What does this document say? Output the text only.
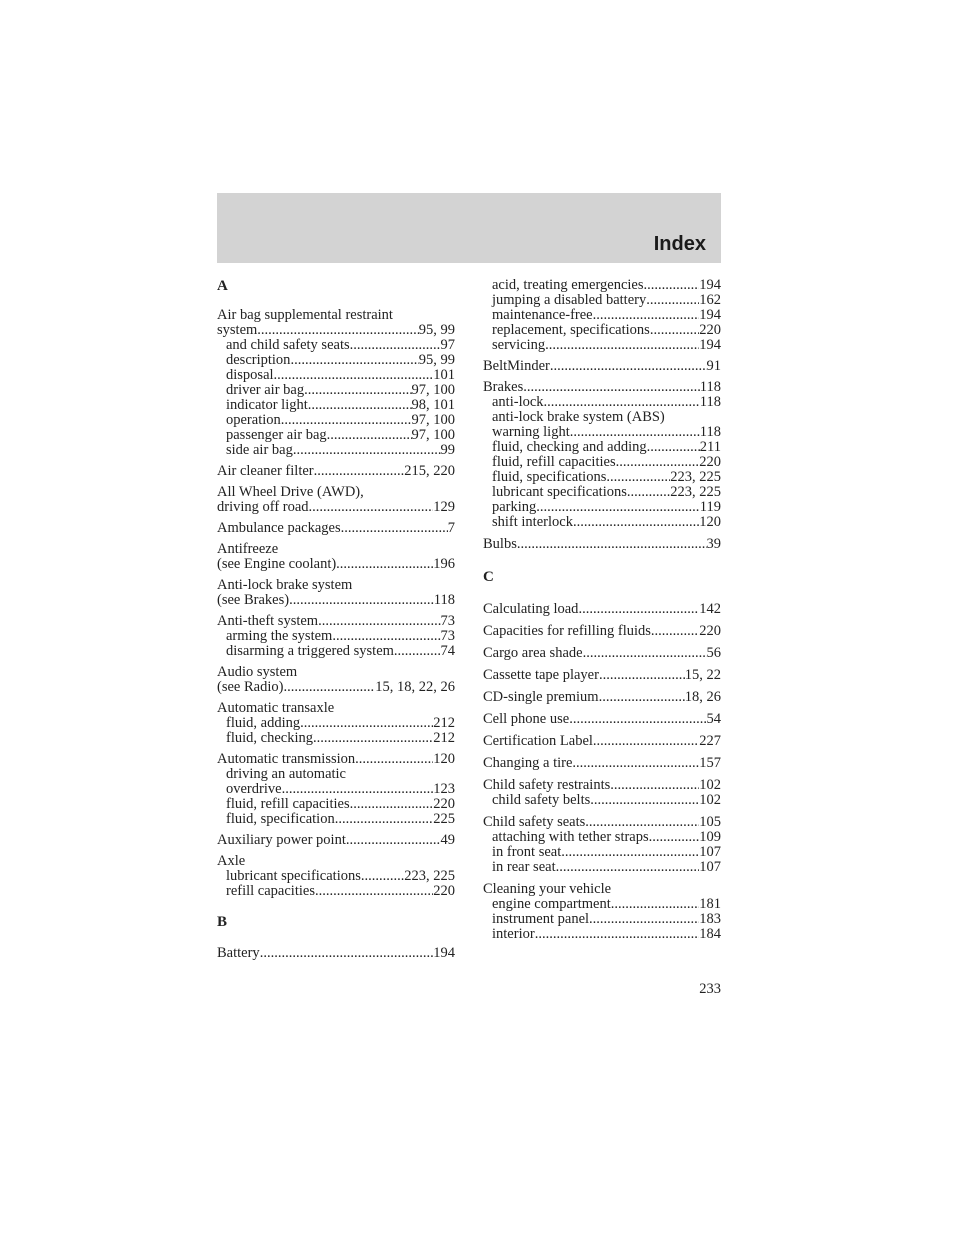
Index
A
Air bag supplemental restraint
system .....	95, 99
and child safety seats .....	97
description .....	95, 99
disposal .....	101
driver air bag .....	97, 100
indicator light .....	98, 101
operation .....	97, 100
passenger air bag .....	97, 100
side air bag .....	99
Air cleaner filter .....	215, 220
All Wheel Drive (AWD),
driving off road .....	129
Ambulance packages .....	7
Antifreeze
(see Engine coolant) .....	196
Anti-lock brake system
(see Brakes) .....	118
Anti-theft system .....	73
arming the system .....	73
disarming a triggered system .....	74
Audio system
(see Radio) .....	15, 18, 22, 26
Automatic transaxle
fluid, adding .....	212
fluid, checking .....	212
Automatic transmission .....	120
driving an automatic
overdrive .....	123
fluid, refill capacities .....	220
fluid, specification .....	225
Auxiliary power point .....	49
Axle
lubricant specifications .....	223, 225
refill capacities .....	220
B
Battery .....	194
acid, treating emergencies .....	194
jumping a disabled battery .....	162
maintenance-free .....	194
replacement, specifications .....	220
servicing .....	194
BeltMinder .....	91
Brakes .....	118
anti-lock .....	118
anti-lock brake system (ABS)
warning light .....	118
fluid, checking and adding .....	211
fluid, refill capacities .....	220
fluid, specifications .....	223, 225
lubricant specifications .....	223, 225
parking .....	119
shift interlock .....	120
Bulbs .....	39
C
Calculating load .....	142
Capacities for refilling fluids .....	220
Cargo area shade .....	56
Cassette tape player .....	15, 22
CD-single premium .....	18, 26
Cell phone use .....	54
Certification Label .....	227
Changing a tire .....	157
Child safety restraints .....	102
child safety belts .....	102
Child safety seats .....	105
attaching with tether straps .....	109
in front seat .....	107
in rear seat .....	107
Cleaning your vehicle
engine compartment .....	181
instrument panel .....	183
interior .....	184
233
